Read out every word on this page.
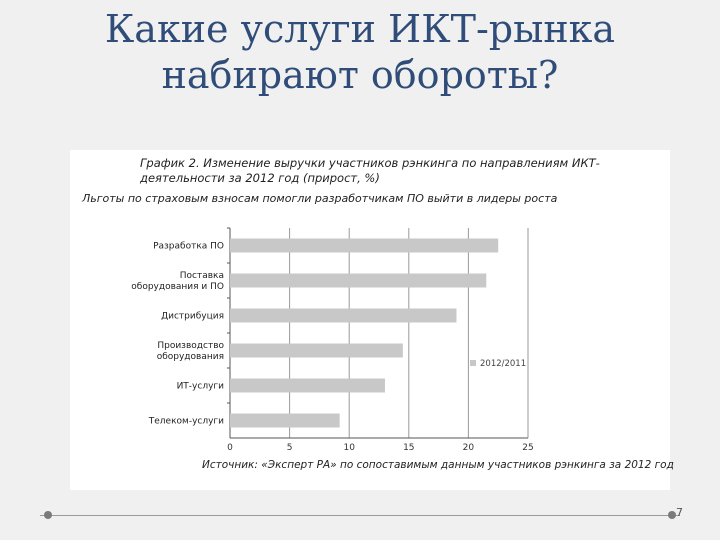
Какие услуги ИКТ-рынка
набирают обороты?
График 2. Изменение выручки участников рэнкинга по направлениям ИКТ-деятельности за 2012 год (прирост, %)
Льготы по страховым взносам помогли разработчикам ПО выйти в лидеры роста
0	5	10	15	20	25
Разработка ПО
Поставка оборудования и ПО
Дистрибуция
Производство оборудования
ИТ-услуги
Телеком-услуги
2012/2011
Источник: «Эксперт РА» по сопоставимым данным участников рэнкинга за 2012 год
7
